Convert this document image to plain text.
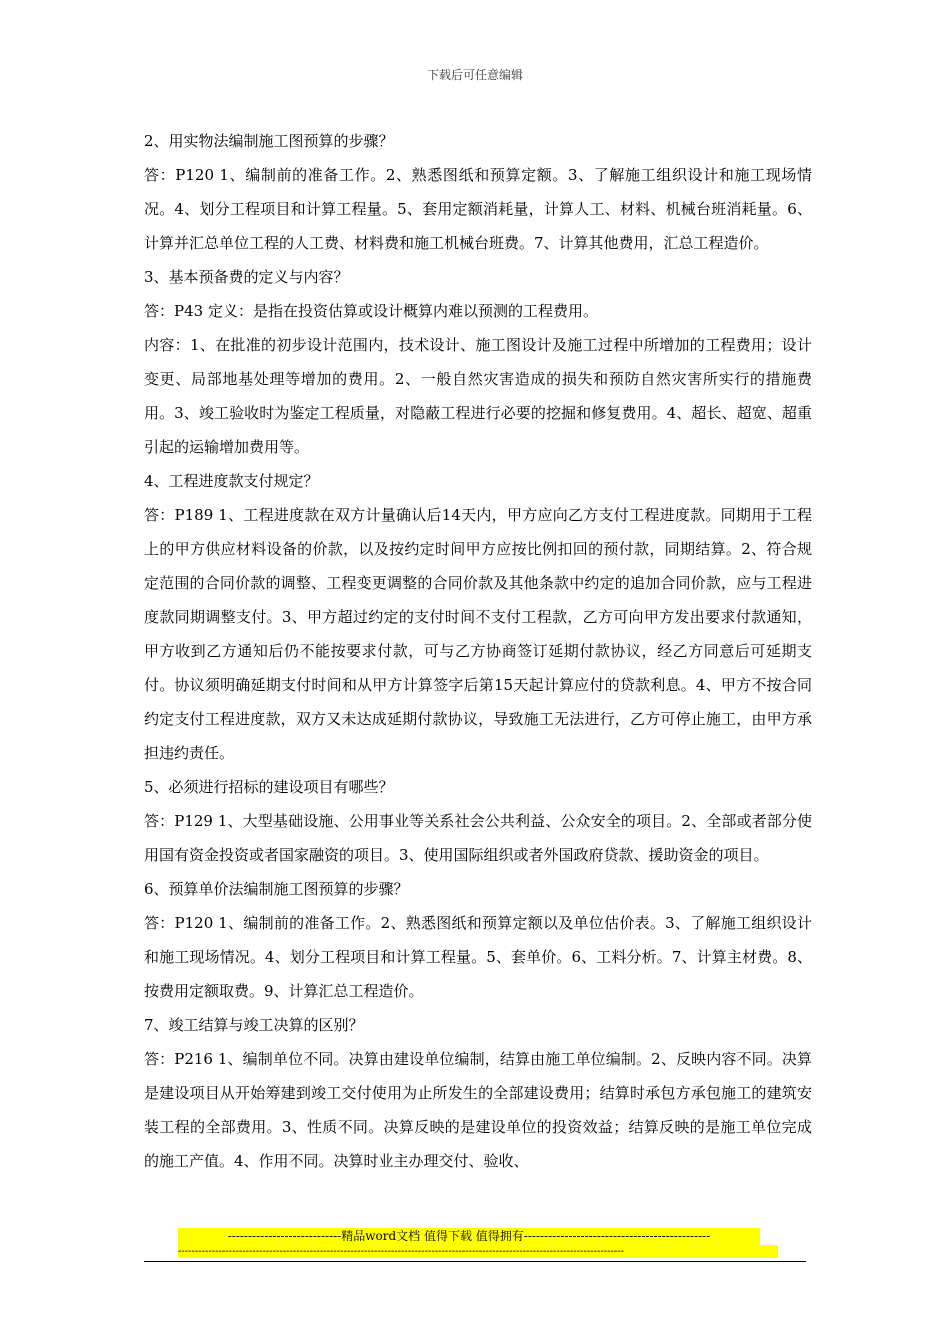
下载后可任意编辑

2、用实物法编制施工图预算的步骤？

答：P120 1、编制前的准备工作。2、熟悉图纸和预算定额。3、了解施工组织设计和施工现场情况。4、划分工程项目和计算工程量。5、套用定额消耗量，计算人工、材料、机械台班消耗量。6、计算并汇总单位工程的人工费、材料费和施工机械台班费。7、计算其他费用，汇总工程造价。

3、基本预备费的定义与内容？

答：P43 定义：是指在投资估算或设计概算内难以预测的工程费用。

内容：1、在批准的初步设计范围内，技术设计、施工图设计及施工过程中所增加的工程费用；设计变更、局部地基处理等增加的费用。2、一般自然灾害造成的损失和预防自然灾害所实行的措施费用。3、竣工验收时为鉴定工程质量，对隐蔽工程进行必要的挖掘和修复费用。4、超长、超宽、超重引起的运输增加费用等。

4、工程进度款支付规定？

答：P189 1、工程进度款在双方计量确认后14天内，甲方应向乙方支付工程进度款。同期用于工程上的甲方供应材料设备的价款，以及按约定时间甲方应按比例扣回的预付款，同期结算。2、符合规定范围的合同价款的调整、工程变更调整的合同价款及其他条款中约定的追加合同价款，应与工程进度款同期调整支付。3、甲方超过约定的支付时间不支付工程款，乙方可向甲方发出要求付款通知，甲方收到乙方通知后仍不能按要求付款，可与乙方协商签订延期付款协议，经乙方同意后可延期支付。协议须明确延期支付时间和从甲方计算签字后第15天起计算应付的贷款利息。4、甲方不按合同约定支付工程进度款，双方又未达成延期付款协议，导致施工无法进行，乙方可停止施工，由甲方承担违约责任。

5、必须进行招标的建设项目有哪些？

答：P129 1、大型基础设施、公用事业等关系社会公共利益、公众安全的项目。2、全部或者部分使用国有资金投资或者国家融资的项目。3、使用国际组织或者外国政府贷款、援助资金的项目。

6、预算单价法编制施工图预算的步骤？

答：P120 1、编制前的准备工作。2、熟悉图纸和预算定额以及单位估价表。3、了解施工组织设计和施工现场情况。4、划分工程项目和计算工程量。5、套单价。6、工料分析。7、计算主材费。8、按费用定额取费。9、计算汇总工程造价。

7、竣工结算与竣工决算的区别？

答：P216 1、编制单位不同。决算由建设单位编制，结算由施工单位编制。2、反映内容不同。决算是建设项目从开始筹建到竣工交付使用为止所发生的全部建设费用；结算时承包方承包施工的建筑安装工程的全部费用。3、性质不同。决算反映的是建设单位的投资效益；结算反映的是施工单位完成的施工产值。4、作用不同。决算时业主办理交付、验收、

----------------------------精品word文档 值得下载 值得拥有----------------------------------------------
------------------------------------------------------------------------------------------------------------------------------------
